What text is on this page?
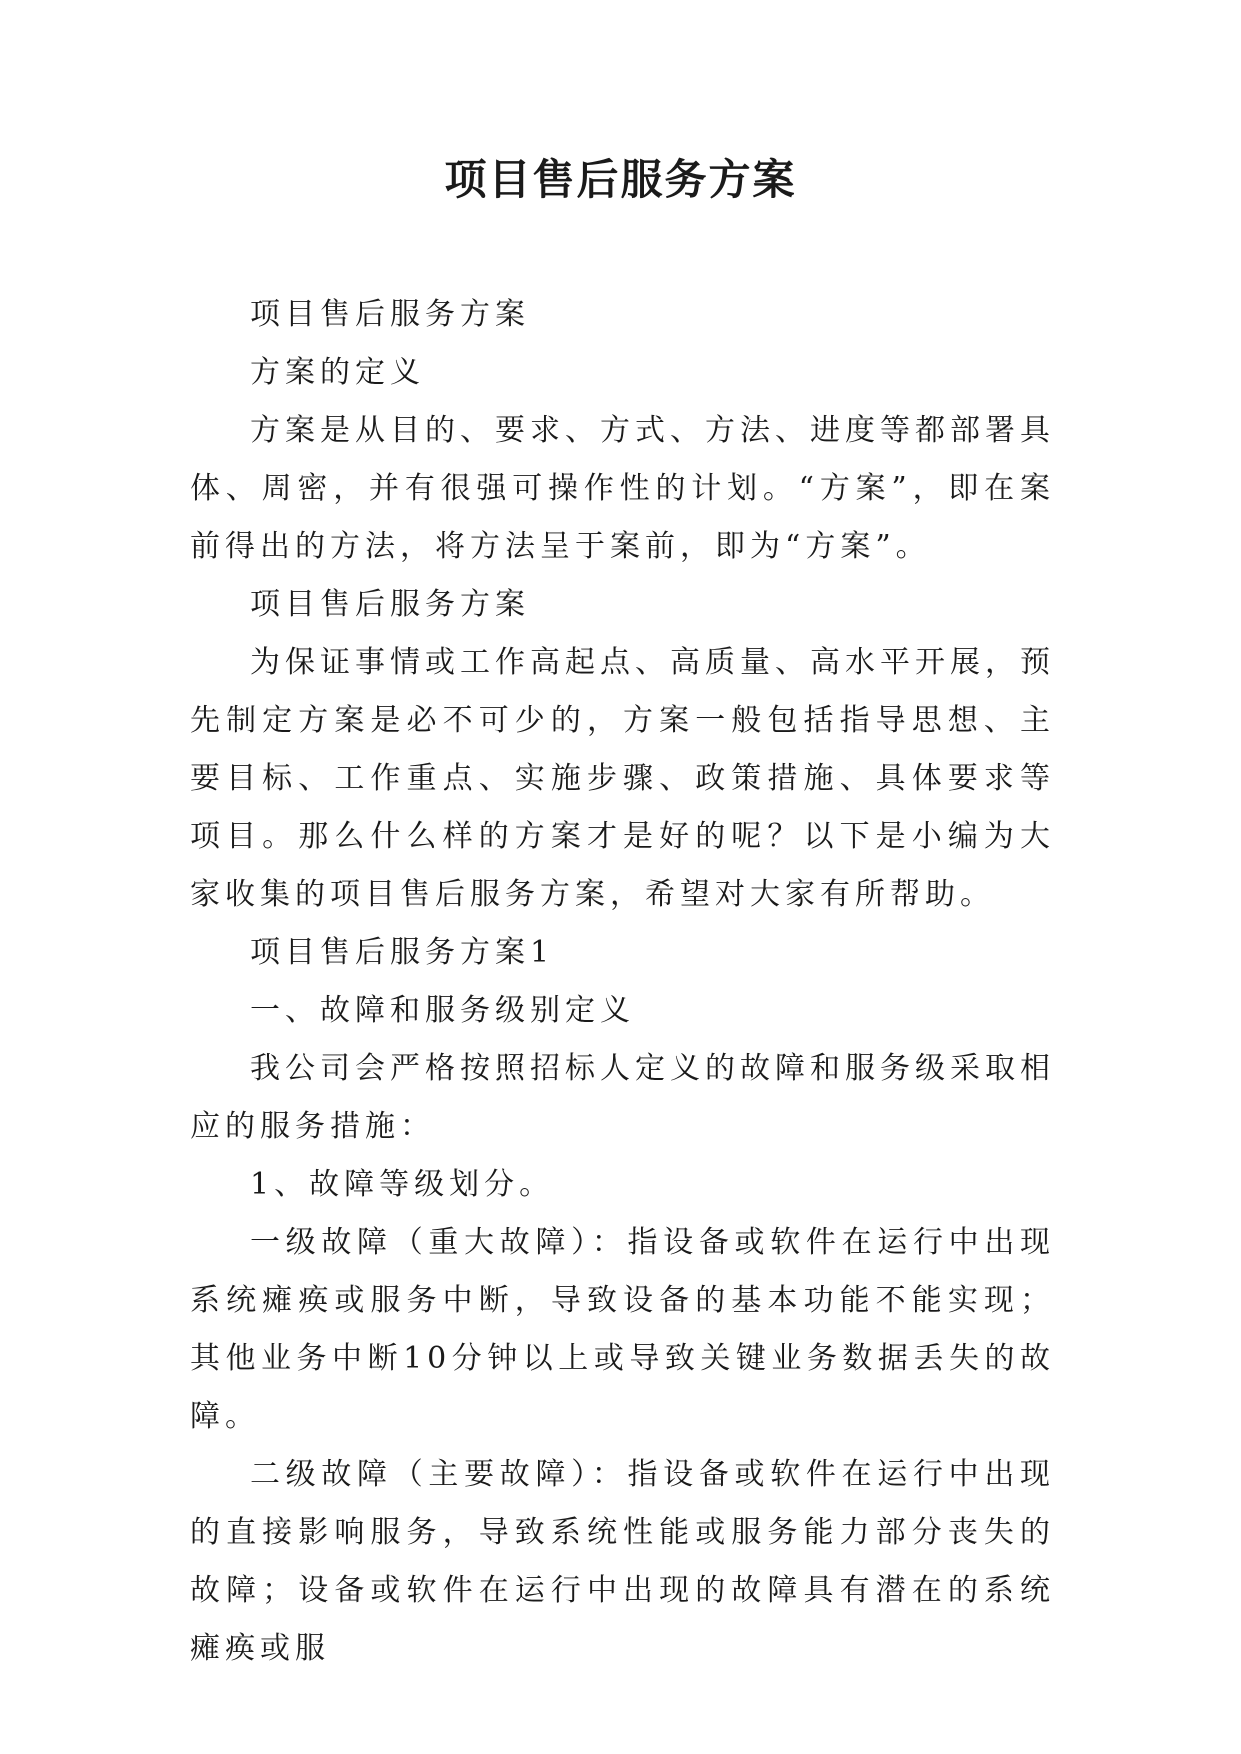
项目售后服务方案

项目售后服务方案

方案的定义

方案是从目的、要求、方式、方法、进度等都部署具体、周密，并有很强可操作性的计划。“方案”，即在案前得出的方法，将方法呈于案前，即为“方案”。

项目售后服务方案

为保证事情或工作高起点、高质量、高水平开展，预先制定方案是必不可少的，方案一般包括指导思想、主要目标、工作重点、实施步骤、政策措施、具体要求等项目。那么什么样的方案才是好的呢？以下是小编为大家收集的项目售后服务方案，希望对大家有所帮助。

项目售后服务方案1

一、故障和服务级别定义

我公司会严格按照招标人定义的故障和服务级采取相应的服务措施：

1、故障等级划分。

一级故障（重大故障）：指设备或软件在运行中出现系统瘫痪或服务中断，导致设备的基本功能不能实现；其他业务中断10分钟以上或导致关键业务数据丢失的故障。

二级故障（主要故障）：指设备或软件在运行中出现的直接影响服务，导致系统性能或服务能力部分丧失的故障；设备或软件在运行中出现的故障具有潜在的系统瘫痪或服
